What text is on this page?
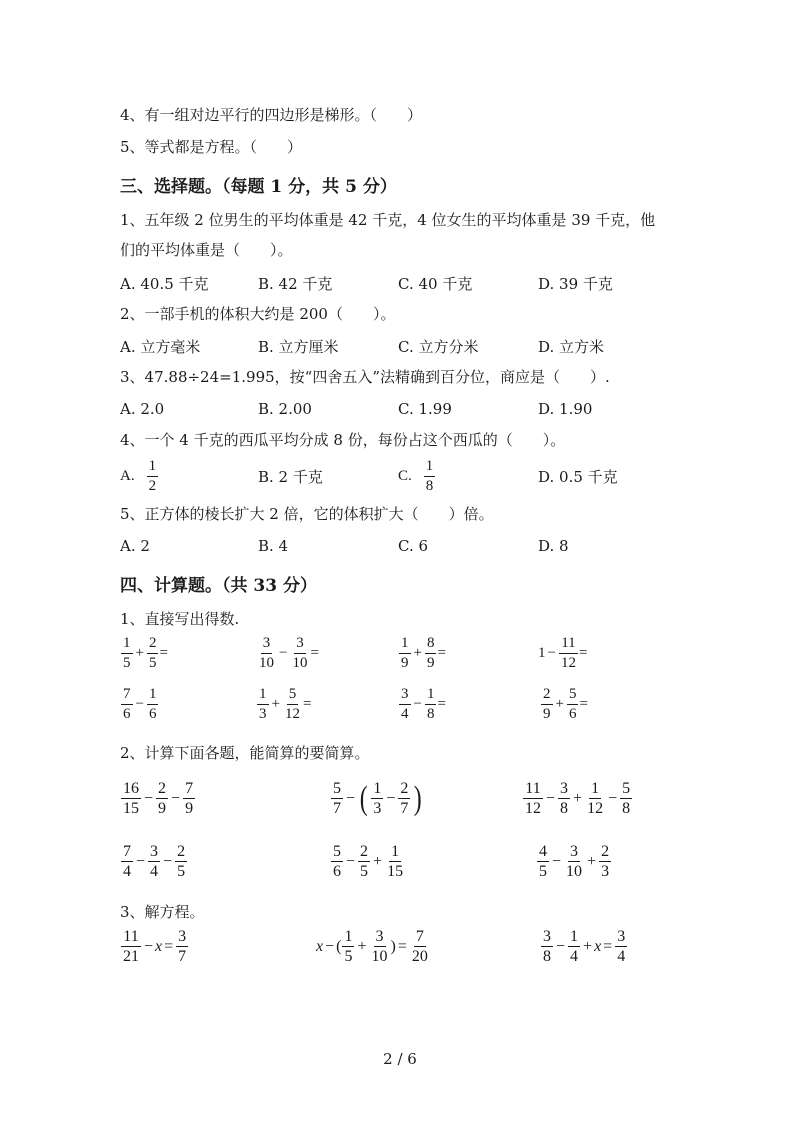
4、有一组对边平行的四边形是梯形。（　　）
5、等式都是方程。（　　）
三、选择题。（每题 1 分，共 5 分）
1、五年级 2 位男生的平均体重是 42 千克，4 位女生的平均体重是 39 千克，他
们的平均体重是（　　）。
A. 40.5 千克	B. 42 千克	C. 40 千克	D. 39 千克
2、一部手机的体积大约是 200（　　）。
A. 立方毫米	B. 立方厘米	C. 立方分米	D. 立方米
3、47.88÷24=1.995，按“四舍五入”法精确到百分位，商应是（　　）.
A. 2.0	B. 2.00	C. 1.99	D. 1.90
4、一个 4 千克的西瓜平均分成 8 份，每份占这个西瓜的（　　）。
A. $\frac{1}{2}$	B. 2 千克	C. $\frac{1}{8}$	D. 0.5 千克
5、正方体的棱长扩大 2 倍，它的体积扩大（　　）倍。
A. 2	B. 4	C. 6	D. 8
四、计算题。（共 33 分）
1、直接写出得数.
$\frac{1}{5} + \frac{2}{5}$ =	$\frac{3}{10} - \frac{3}{10}$ =	$\frac{1}{9} + \frac{8}{9}$ =	$1 - \frac{11}{12}$ =
$\frac{7}{6} - \frac{1}{6}$	$\frac{1}{3} + \frac{5}{12}$ =	$\frac{3}{4} - \frac{1}{8}$ =	$\frac{2}{9} + \frac{5}{6}$ =
2、计算下面各题，能简算的要简算。
$\frac{16}{15} - \frac{2}{9} - \frac{7}{9}$	$\frac{5}{7}$ − ( $\frac{1}{3} - \frac{2}{7}$ )	$\frac{11}{12} - \frac{3}{8} + \frac{1}{12} - \frac{5}{8}$
$\frac{7}{4} - \frac{3}{4} - \frac{2}{5}$	$\frac{5}{6} - \frac{2}{5} + \frac{1}{15}$	$\frac{4}{5} - \frac{3}{10} + \frac{2}{3}$
3、解方程。
$\frac{11}{21} - x = \frac{3}{7}$	x − ( $\frac{1}{5} + \frac{3}{10}$ ) = $\frac{7}{20}$	$\frac{3}{8} - \frac{1}{4} + x = \frac{3}{4}$
2 / 6
